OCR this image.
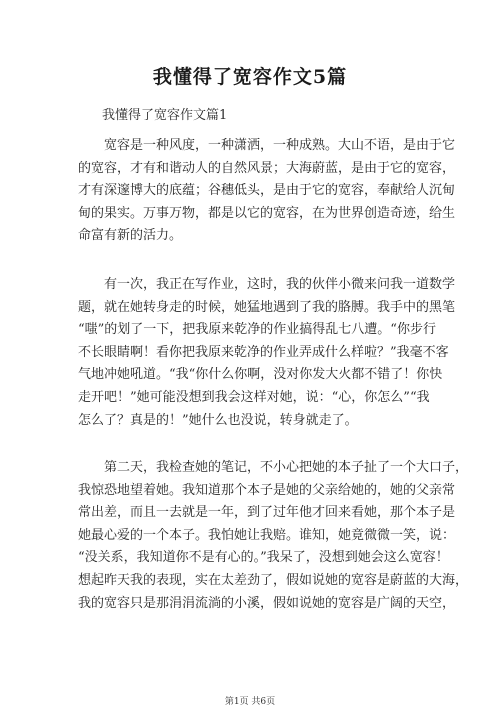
我懂得了宽容作文5篇
我懂得了宽容作文篇1
宽容是一种风度，一种潇洒，一种成熟。大山不语，是由于它
的宽容，才有和谐动人的自然风景；大海蔚蓝，是由于它的宽容，
才有深邃博大的底蕴；谷穗低头，是由于它的宽容，奉献给人沉甸
甸的果实。万事万物，都是以它的宽容，在为世界创造奇迹，给生
命富有新的活力。
有一次，我正在写作业，这时，我的伙伴小微来问我一道数学
题，就在她转身走的时候，她猛地遇到了我的胳膊。我手中的黑笔
“嗤”的划了一下，把我原来乾净的作业搞得乱七八遭。“你步行
不长眼睛啊！看你把我原来乾净的作业弄成什么样啦？”我毫不客
气地冲她吼道。“我“你什么你啊，没对你发大火都不错了！你快
走开吧！”她可能没想到我会这样对她，说：“心，你怎么”“我
怎么了？真是的！”她什么也没说，转身就走了。
第二天，我检查她的笔记，不小心把她的本子扯了一个大口子，
我惊恐地望着她。我知道那个本子是她的父亲给她的，她的父亲常
常出差，而且一去就是一年，到了过年他才回来看她，那个本子是
她最心爱的一个本子。我怕她让我赔。谁知，她竟微微一笑，说：
“没关系，我知道你不是有心的。”我呆了，没想到她会这么宽容！
想起昨天我的表现，实在太差劲了，假如说她的宽容是蔚蓝的大海，
我的宽容只是那涓涓流淌的小溪，假如说她的宽容是广阔的天空，
第1页 共6页
